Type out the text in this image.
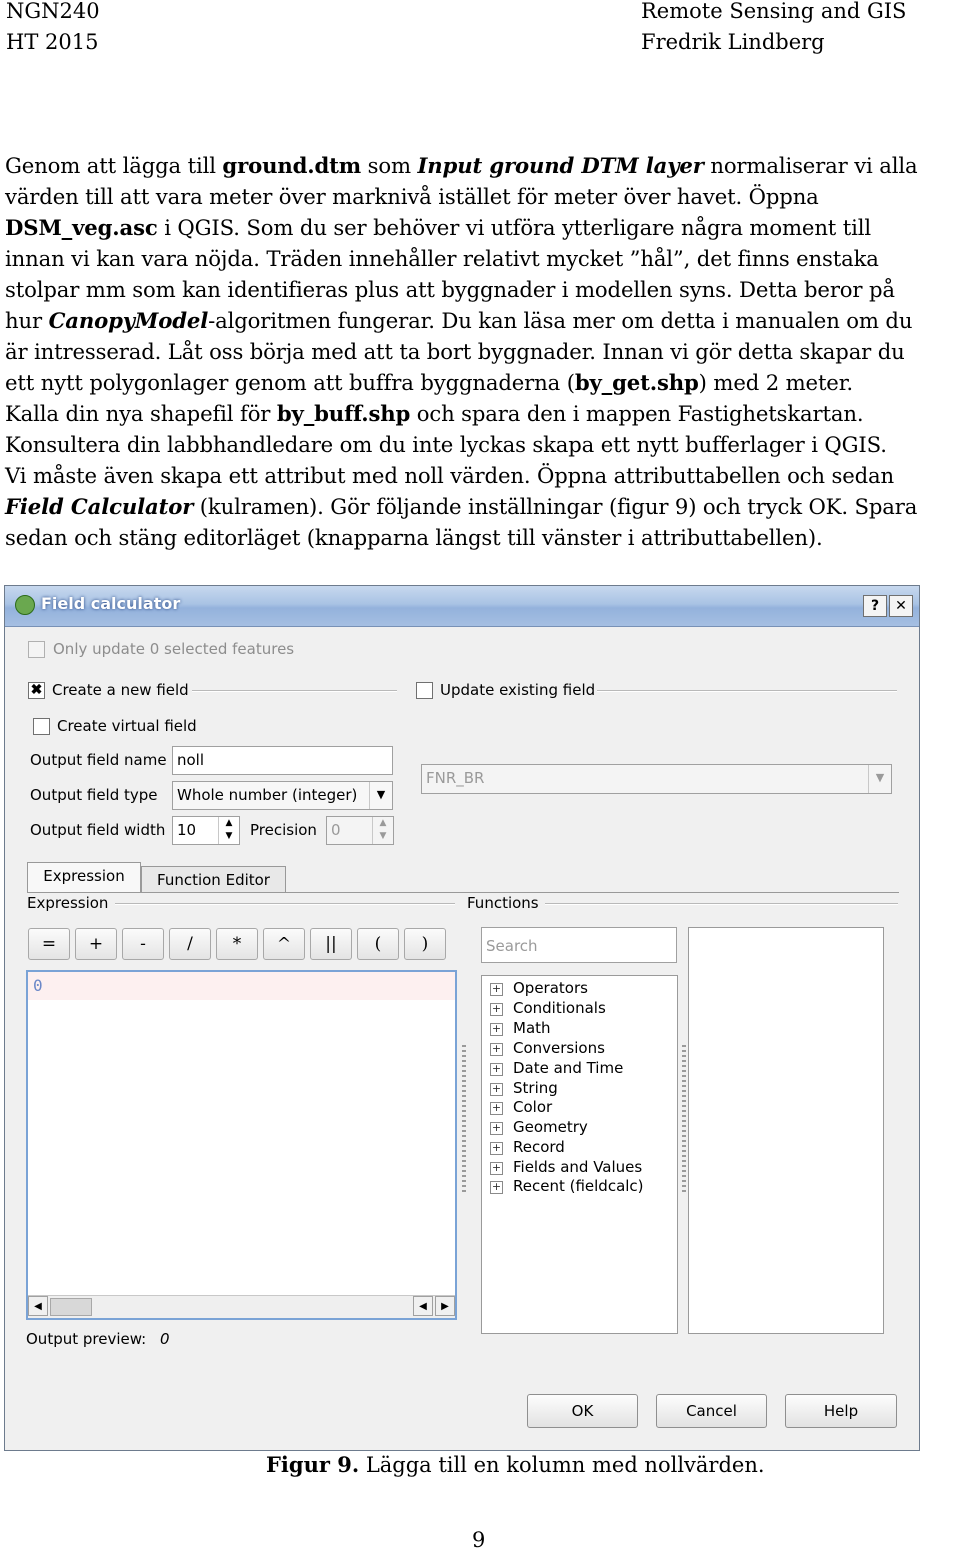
NGN240
HT 2015
Remote Sensing and GIS
Fredrik Lindberg
Genom att lägga till ground.dtm som Input ground DTM layer normaliserar vi alla
värden till att vara meter över marknivå istället för meter över havet. Öppna
DSM_veg.asc i QGIS. Som du ser behöver vi utföra ytterligare några moment till
innan vi kan vara nöjda. Träden innehåller relativt mycket ”hål”, det finns enstaka
stolpar mm som kan identifieras plus att byggnader i modellen syns. Detta beror på
hur CanopyModel-algoritmen fungerar. Du kan läsa mer om detta i manualen om du
är intresserad. Låt oss börja med att ta bort byggnader. Innan vi gör detta skapar du
ett nytt polygonlager genom att buffra byggnaderna (by_get.shp) med 2 meter.
Kalla din nya shapefil för by_buff.shp och spara den i mappen Fastighetskartan.
Konsultera din labbhandledare om du inte lyckas skapa ett nytt bufferlager i QGIS.
Vi måste även skapa ett attribut med noll värden. Öppna attributtabellen och sedan
Field Calculator (kulramen). Gör följande inställningar (figur 9) och tryck OK. Spara
sedan och stäng editorläget (knapparna längst till vänster i attributtabellen).
Field calculator	?	✕
Only update 0 selected features
✖ Create a new field	Update existing field
Create virtual field
Output field name noll
Output field type	Whole number (integer)	▼
Output field width 10	▲
▼	Precision 0	▲
▼
FNR_BR	▼
Expression	Function Editor
Expression	Functions
=	+	-	/	*	^	||	(	)
0
◀	◀	▶
Search
+ Operators
+ Conditionals
+ Math
+ Conversions
+ Date and Time
+ String
+ Color
+ Geometry
+ Record
+ Fields and Values
+ Recent (fieldcalc)
Output preview: 0
OK	Cancel	Help
Figur 9. Lägga till en kolumn med nollvärden.
9
